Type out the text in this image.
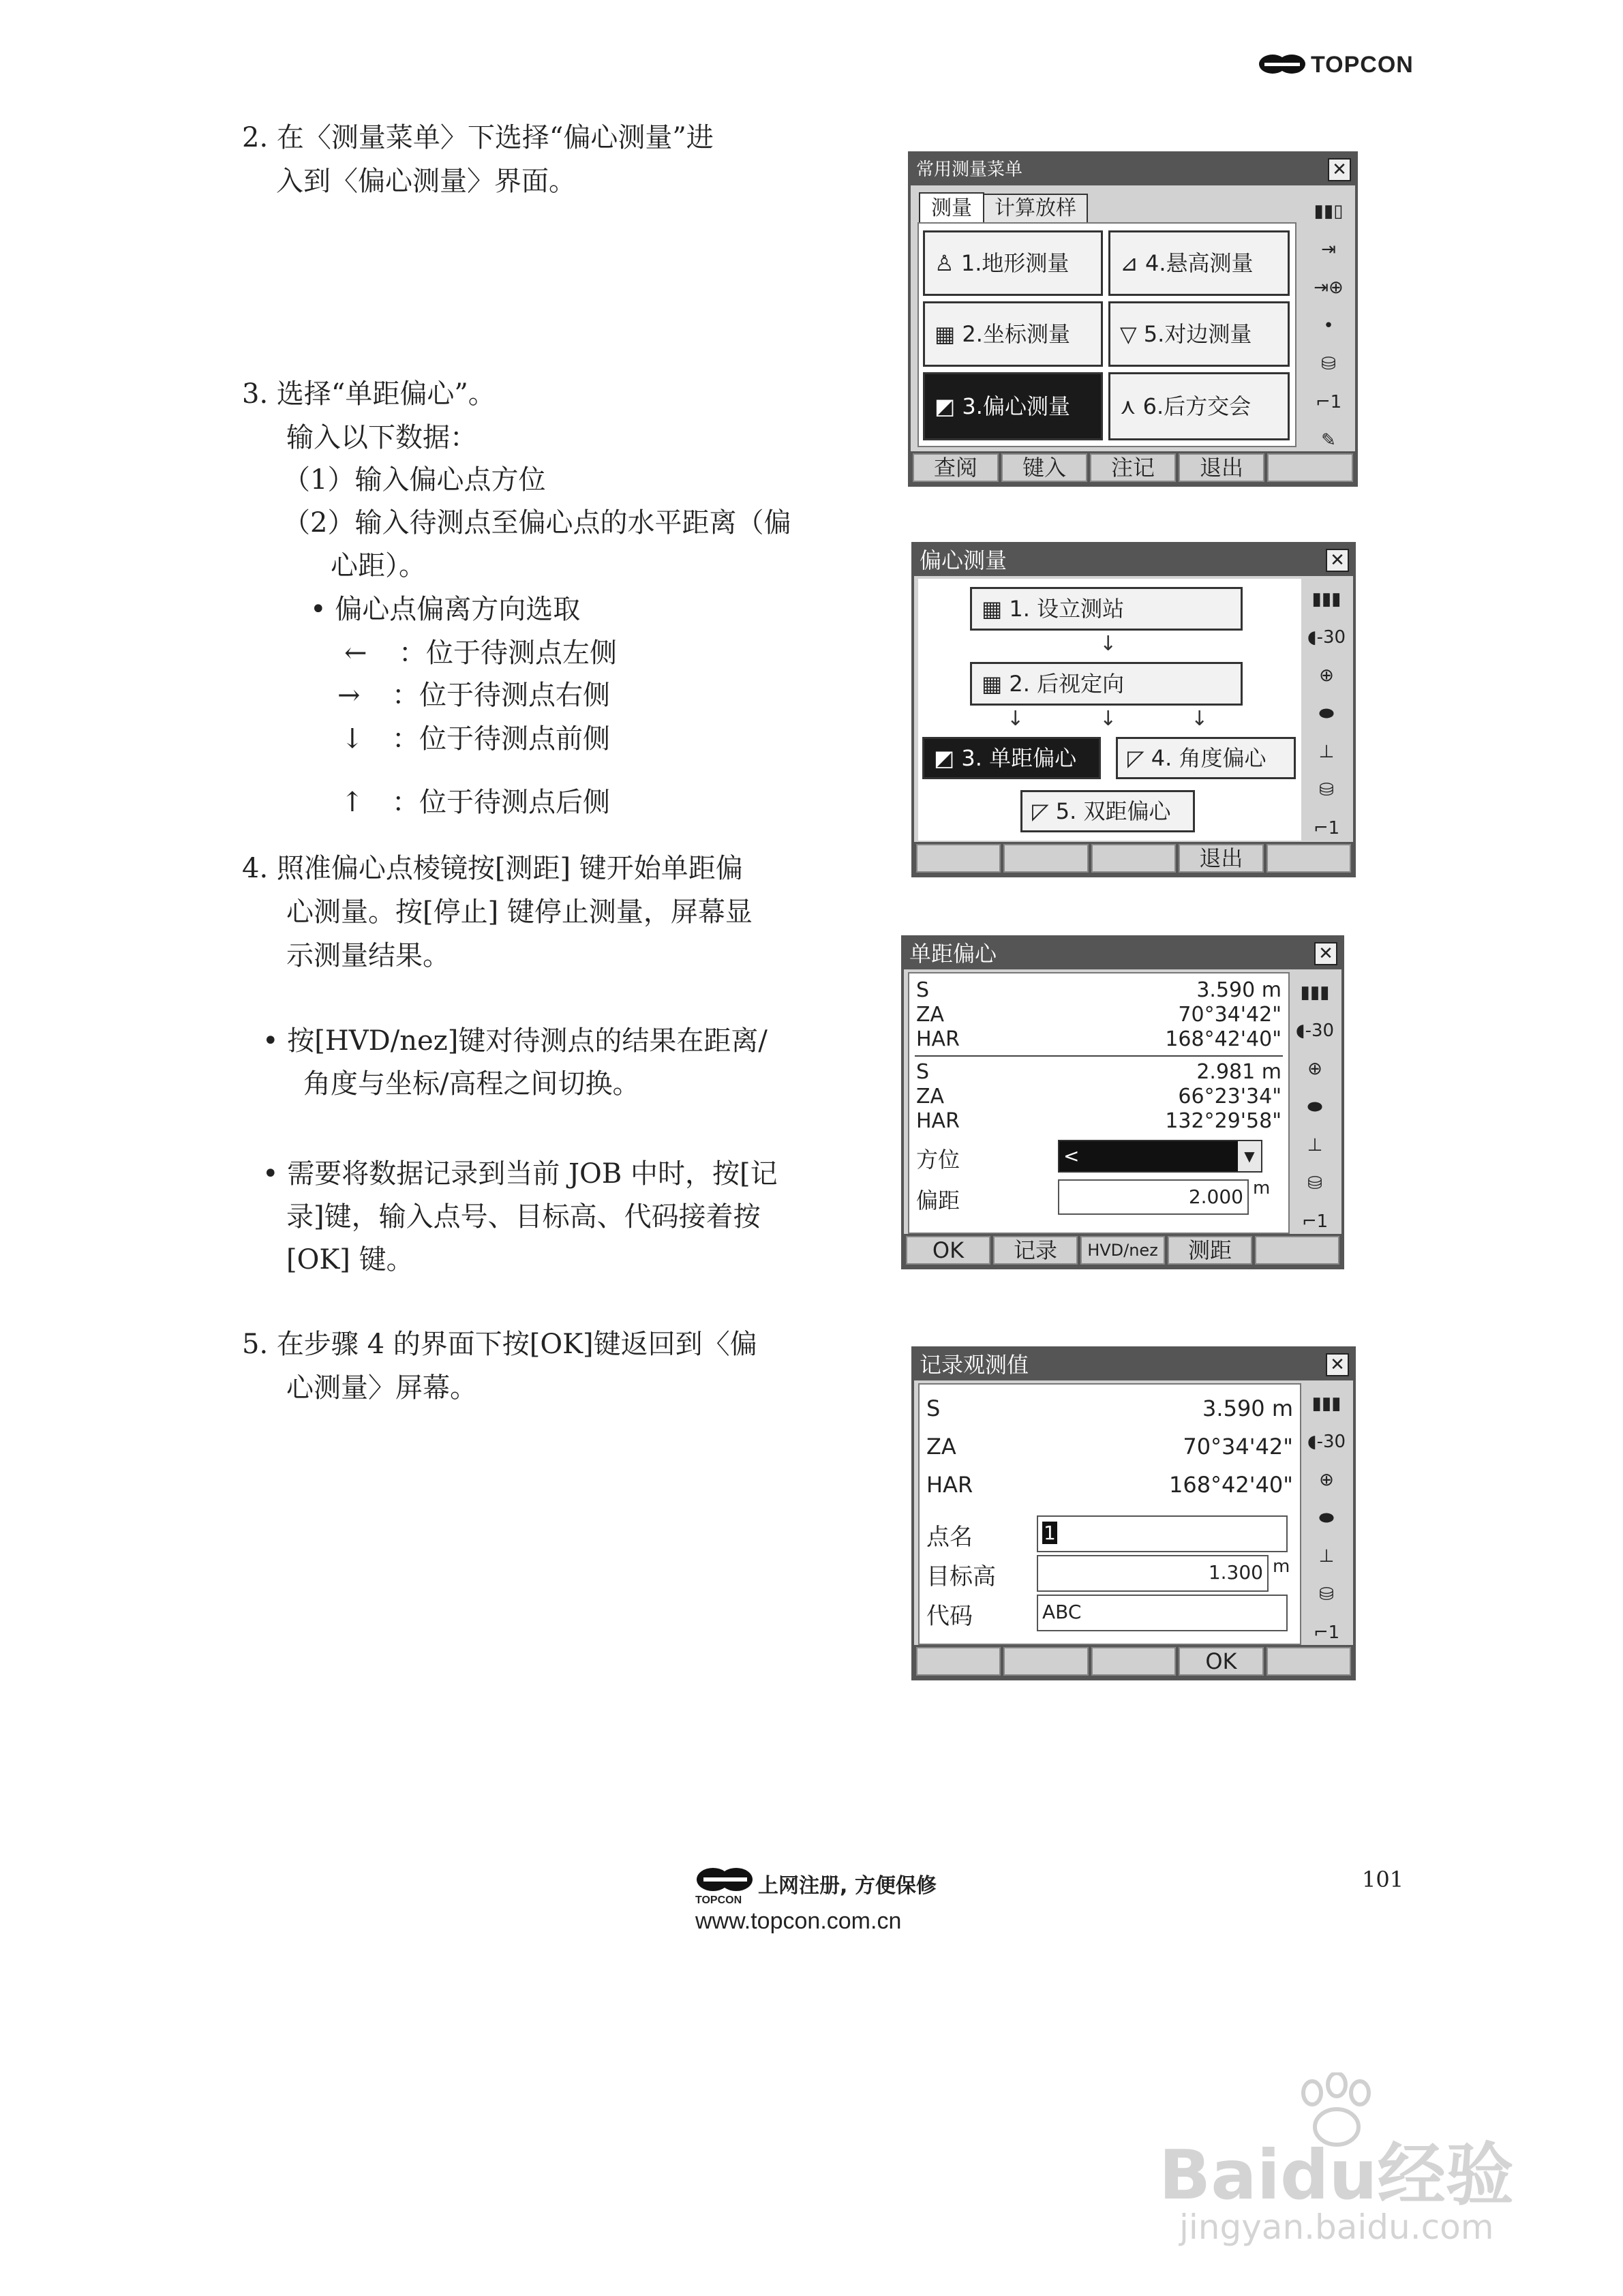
TOPCON
2. 在〈测量菜单〉下选择“偏心测量”进
入到〈偏心测量〉界面。
3. 选择“单距偏心”。
输入以下数据：
（1）输入偏心点方位
（2）输入待测点至偏心点的水平距离（偏
心距）。
• 偏心点偏离方向选取
← ：位于待测点左侧
→ ：位于待测点右侧
↓ ：位于待测点前侧
↑ ：位于待测点后侧
4. 照准偏心点棱镜按[测距] 键开始单距偏
心测量。按[停止] 键停止测量，屏幕显
示测量结果。
• 按[HVD/nez]键对待测点的结果在距离/
角度与坐标/高程之间切换。
• 需要将数据记录到当前 JOB 中时，按[记
录]键，输入点号、目标高、代码接着按
[OK] 键。
5. 在步骤 4 的界面下按[OK]键返回到〈偏
心测量〉屏幕。
常用测量菜单	✕
测量	计算放样
♙ 1.地形测量	⊿ 4.悬高测量
▦ 2.坐标测量	▽ 5.对边测量
◩ 3.偏心测量	⋏ 6.后方交会
▮▮▯
⇥
⇥⊕
•
⛁
⌐1
✎
查阅	键入	注记	退出
偏心测量	✕
▦ 1. 设立测站
↓
▦ 2. 后视定向
↓	↓	↓
◩ 3. 单距偏心	◸ 4. 角度偏心
◸ 5. 双距偏心
▮▮▮
◖-30
⊕
⬬
⊥
⛁
⌐1
退出
单距偏心	✕
S	3.590 m
ZA	70°34'42"
HAR	168°42'40"
S	2.981 m
ZA	66°23'34"
HAR	132°29'58"
方位	<	▼
偏距	2.000 m
▮▮▮
◖-30
⊕
⬬
⊥
⛁
⌐1
OK	记录	HVD/nez	测距
记录观测值	✕
S	3.590 m
ZA	70°34'42"
HAR	168°42'40"
点名	1
目标高	1.300 m
代码	ABC
▮▮▮
◖-30
⊕
⬬
⊥
⛁
⌐1
OK
TOPCON
上网注册, 方便保修
www.topcon.com.cn
101
Baidu经验
jingyan.baidu.com
